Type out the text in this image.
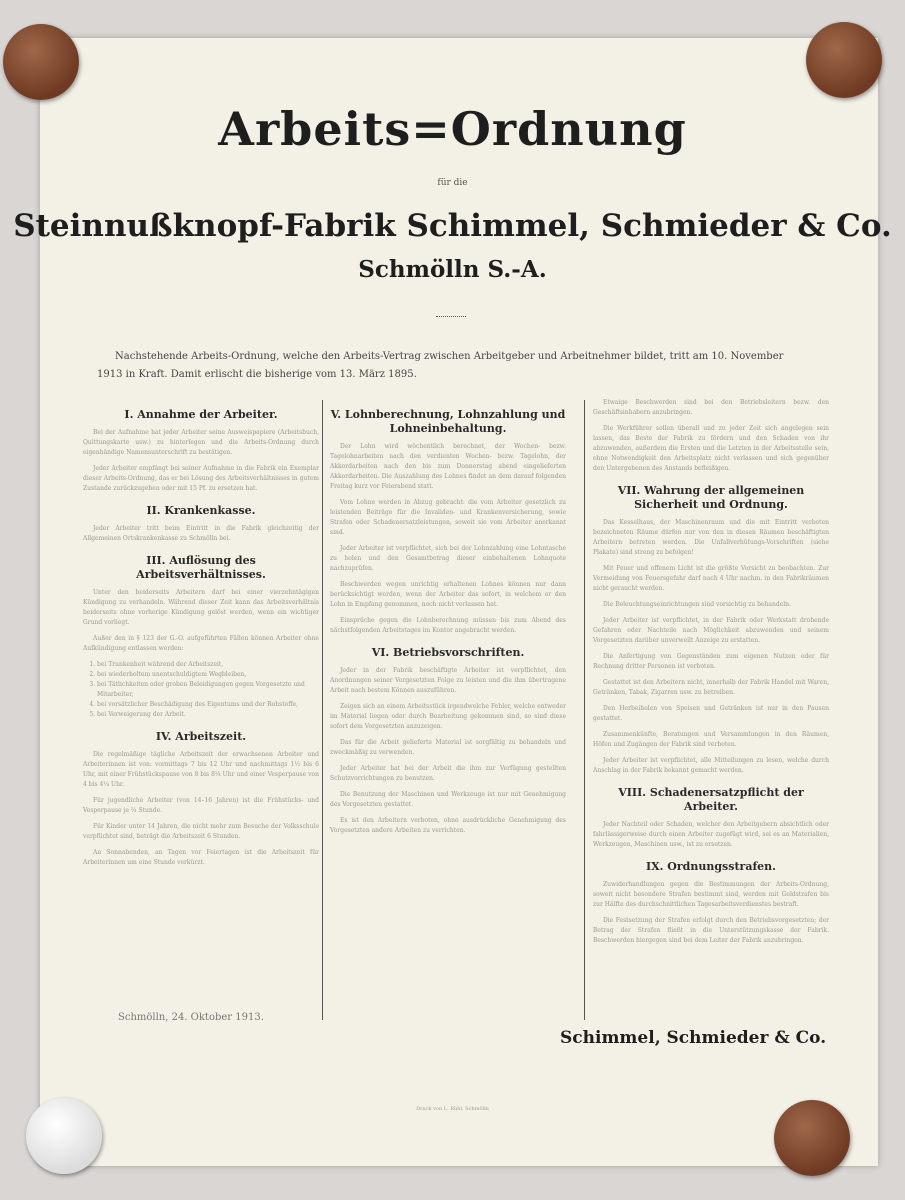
Arbeits=Ordnung

für die

Steinnußknopf-Fabrik Schimmel, Schmieder & Co.
Schmölln S.-A.

Nachstehende Arbeits-Ordnung, welche den Arbeits-Vertrag zwischen Arbeitgeber und Arbeitnehmer bildet, tritt am 10. November 1913 in Kraft. Damit erlischt die bisherige vom 13. März 1895.

I. Annahme der Arbeiter.

Bei der Aufnahme hat jeder Arbeiter seine Ausweispapiere (Arbeitsbuch, Quittungskarte usw.) zu hinterlegen und die Arbeits-Ordnung durch eigenhändige Namensunterschrift zu bestätigen.

Jeder Arbeiter empfängt bei seiner Aufnahme in die Fabrik ein Exemplar dieser Arbeits-Ordnung, das er bei Lösung des Arbeitsverhältnisses in gutem Zustande zurückzugeben oder mit 15 Pf. zu ersetzen hat.

II. Krankenkasse.

Jeder Arbeiter tritt beim Eintritt in die Fabrik gleichzeitig der Allgemeinen Ortskrankenkasse zu Schmölln bei.

III. Auflösung des Arbeitsverhältnisses.

Unter den beiderseits Arbeitern darf bei einer vierzehntägigen Kündigung zu verhandeln. Während dieser Zeit kann das Arbeitsverhältnis beiderseits ohne vorherige Kündigung gelöst werden, wenn ein wichtiger Grund vorliegt.

Außer den in § 123 der G.-O. aufgeführten Fällen können Arbeiter ohne Aufkündigung entlassen werden:

1. bei Trunkenheit während der Arbeitszeit,
2. bei wiederholtem unentschuldigtem Wegbleiben,
3. bei Tätlichkeiten oder groben Beleidigungen gegen Vorgesetzte und Mitarbeiter,
4. bei vorsätzlicher Beschädigung des Eigentums und der Rohstoffe,
5. bei Verweigerung der Arbeit.
IV. Arbeitszeit.

Die regelmäßige tägliche Arbeitszeit der erwachsenen Arbeiter und Arbeiterinnen ist von: vormittags 7 bis 12 Uhr und nachmittags 1½ bis 6 Uhr, mit einer Frühstückspause von 8 bis 8¼ Uhr und einer Vesperpause von 4 bis 4¼ Uhr.

Für jugendliche Arbeiter (von 14–16 Jahren) ist die Frühstücks- und Vesperpause je ¼ Stunde.

Für Kinder unter 14 Jahren, die nicht mehr zum Besuche der Volksschule verpflichtet sind, beträgt die Arbeitszeit 6 Stunden.

An Sonnabenden, an Tagen vor Feiertagen ist die Arbeitszeit für Arbeiterinnen um eine Stunde verkürzt.

V. Lohnberechnung, Lohnzahlung und Lohneinbehaltung.

Der Lohn wird wöchentlich berechnet, der Wochen- bezw. Tagelohnarbeiten nach den verdienten Wochen- bezw. Tagelohn, der Akkordarbeiten nach den bis zum Donnerstag abend eingelieferten Akkordarbeiten. Die Auszahlung des Lohnes findet an dem darauf folgenden Freitag kurz vor Feierabend statt.

Vom Lohne werden in Abzug gebracht: die vom Arbeiter gesetzlich zu leistenden Beiträge für die Invaliden- und Krankenversicherung, sowie Strafen oder Schadenersatzleistungen, soweit sie vom Arbeiter anerkannt sind.

Jeder Arbeiter ist verpflichtet, sich bei der Lohnzahlung eine Lohntasche zu holen und den Gesamtbetrag dieser einbehaltenen Lohnquote nachzuprüfen.

Beschwerden wegen unrichtig erhaltenen Lohnes können nur dann berücksichtigt werden, wenn der Arbeiter das sofort, in welchem er den Lohn in Empfang genommen, noch nicht verlassen hat.

Einsprüche gegen die Lohnberechnung müssen bis zum Abend des nächstfolgenden Arbeitstages im Kontor angebracht werden.

VI. Betriebsvorschriften.

Jeder in der Fabrik beschäftigte Arbeiter ist verpflichtet, den Anordnungen seiner Vorgesetzten Folge zu leisten und die ihm übertragene Arbeit nach bestem Können auszuführen.

Zeigen sich an einem Arbeitsstück irgendwelche Fehler, welche entweder im Material liegen oder durch Bearbeitung gekommen sind, so sind diese sofort dem Vorgesetzten anzuzeigen.

Das für die Arbeit gelieferte Material ist sorgfältig zu behandeln und zweckmäßig zu verwenden.

Jeder Arbeiter hat bei der Arbeit die ihm zur Verfügung gestellten Schutzvorrichtungen zu benutzen.

Die Benutzung der Maschinen und Werkzeuge ist nur mit Genehmigung des Vorgesetzten gestattet.

Es ist den Arbeitern verboten, ohne ausdrückliche Genehmigung des Vorgesetzten andere Arbeiten zu verrichten.

Etwaige Beschwerden sind bei den Betriebsleitern bezw. den Geschäftsinhabern anzubringen.

Die Werkführer sollen überall und zu jeder Zeit sich angelegen sein lassen, das Beste der Fabrik zu fördern und den Schaden von ihr abzuwenden, außerdem die Ersten und die Letzten in der Arbeitsstelle sein, ohne Notwendigkeit den Arbeitsplatz nicht verlassen und sich gegenüber den Untergebenen des Anstands befleißigen.

VII. Wahrung der allgemeinen Sicherheit und Ordnung.

Das Kesselhaus, der Maschinenraum und die mit Eintritt verboten bezeichneten Räume dürfen nur von den in diesen Räumen beschäftigten Arbeitern betreten werden. Die Unfallverhütungs-Vorschriften (siehe Plakate) sind streng zu befolgen!

Mit Feuer und offenem Licht ist die größte Vorsicht zu beobachten. Zur Vermeidung von Feuersgefahr darf nach 4 Uhr nachm. in den Fabrikräumen nicht geraucht werden.

Die Beleuchtungseinrichtungen sind vorsichtig zu behandeln.

Jeder Arbeiter ist verpflichtet, in der Fabrik oder Werkstatt drohende Gefahren oder Nachteile nach Möglichkeit abzuwenden und seinem Vorgesetzten darüber unverweilt Anzeige zu erstatten.

Die Anfertigung von Gegenständen zum eigenen Nutzen oder für Rechnung dritter Personen ist verboten.

Gestattet ist den Arbeitern nicht, innerhalb der Fabrik Handel mit Waren, Getränken, Tabak, Zigarren usw. zu betreiben.

Den Herbeiholen von Speisen und Getränken ist nur in den Pausen gestattet.

Zusammenkünfte, Beratungen und Versammlungen in den Räumen, Höfen und Zugängen der Fabrik sind verboten.

Jeder Arbeiter ist verpflichtet, alle Mitteilungen zu lesen, welche durch Anschlag in der Fabrik bekannt gemacht werden.

VIII. Schadenersatzpflicht der Arbeiter.

Jeder Nachteil oder Schaden, welcher den Arbeitgebern absichtlich oder fahrlässigerweise durch einen Arbeiter zugefügt wird, sei es an Materialien, Werkzeugen, Maschinen usw., ist zu ersetzen.

IX. Ordnungsstrafen.

Zuwiderhandlungen gegen die Bestimmungen der Arbeits-Ordnung, soweit nicht besondere Strafen bestimmt sind, werden mit Geldstrafen bis zur Hälfte des durchschnittlichen Tagesarbeitsverdienstes bestraft.

Die Festsetzung der Strafen erfolgt durch den Betriebsvorgesetzten; der Betrag der Strafen fließt in die Unterstützungskasse der Fabrik. Beschwerden hiergegen sind bei dem Leiter der Fabrik anzubringen.

Schmölln, 24. Oktober 1913.

Schimmel, Schmieder & Co.

Druck von L. Rühl, Schmölln
